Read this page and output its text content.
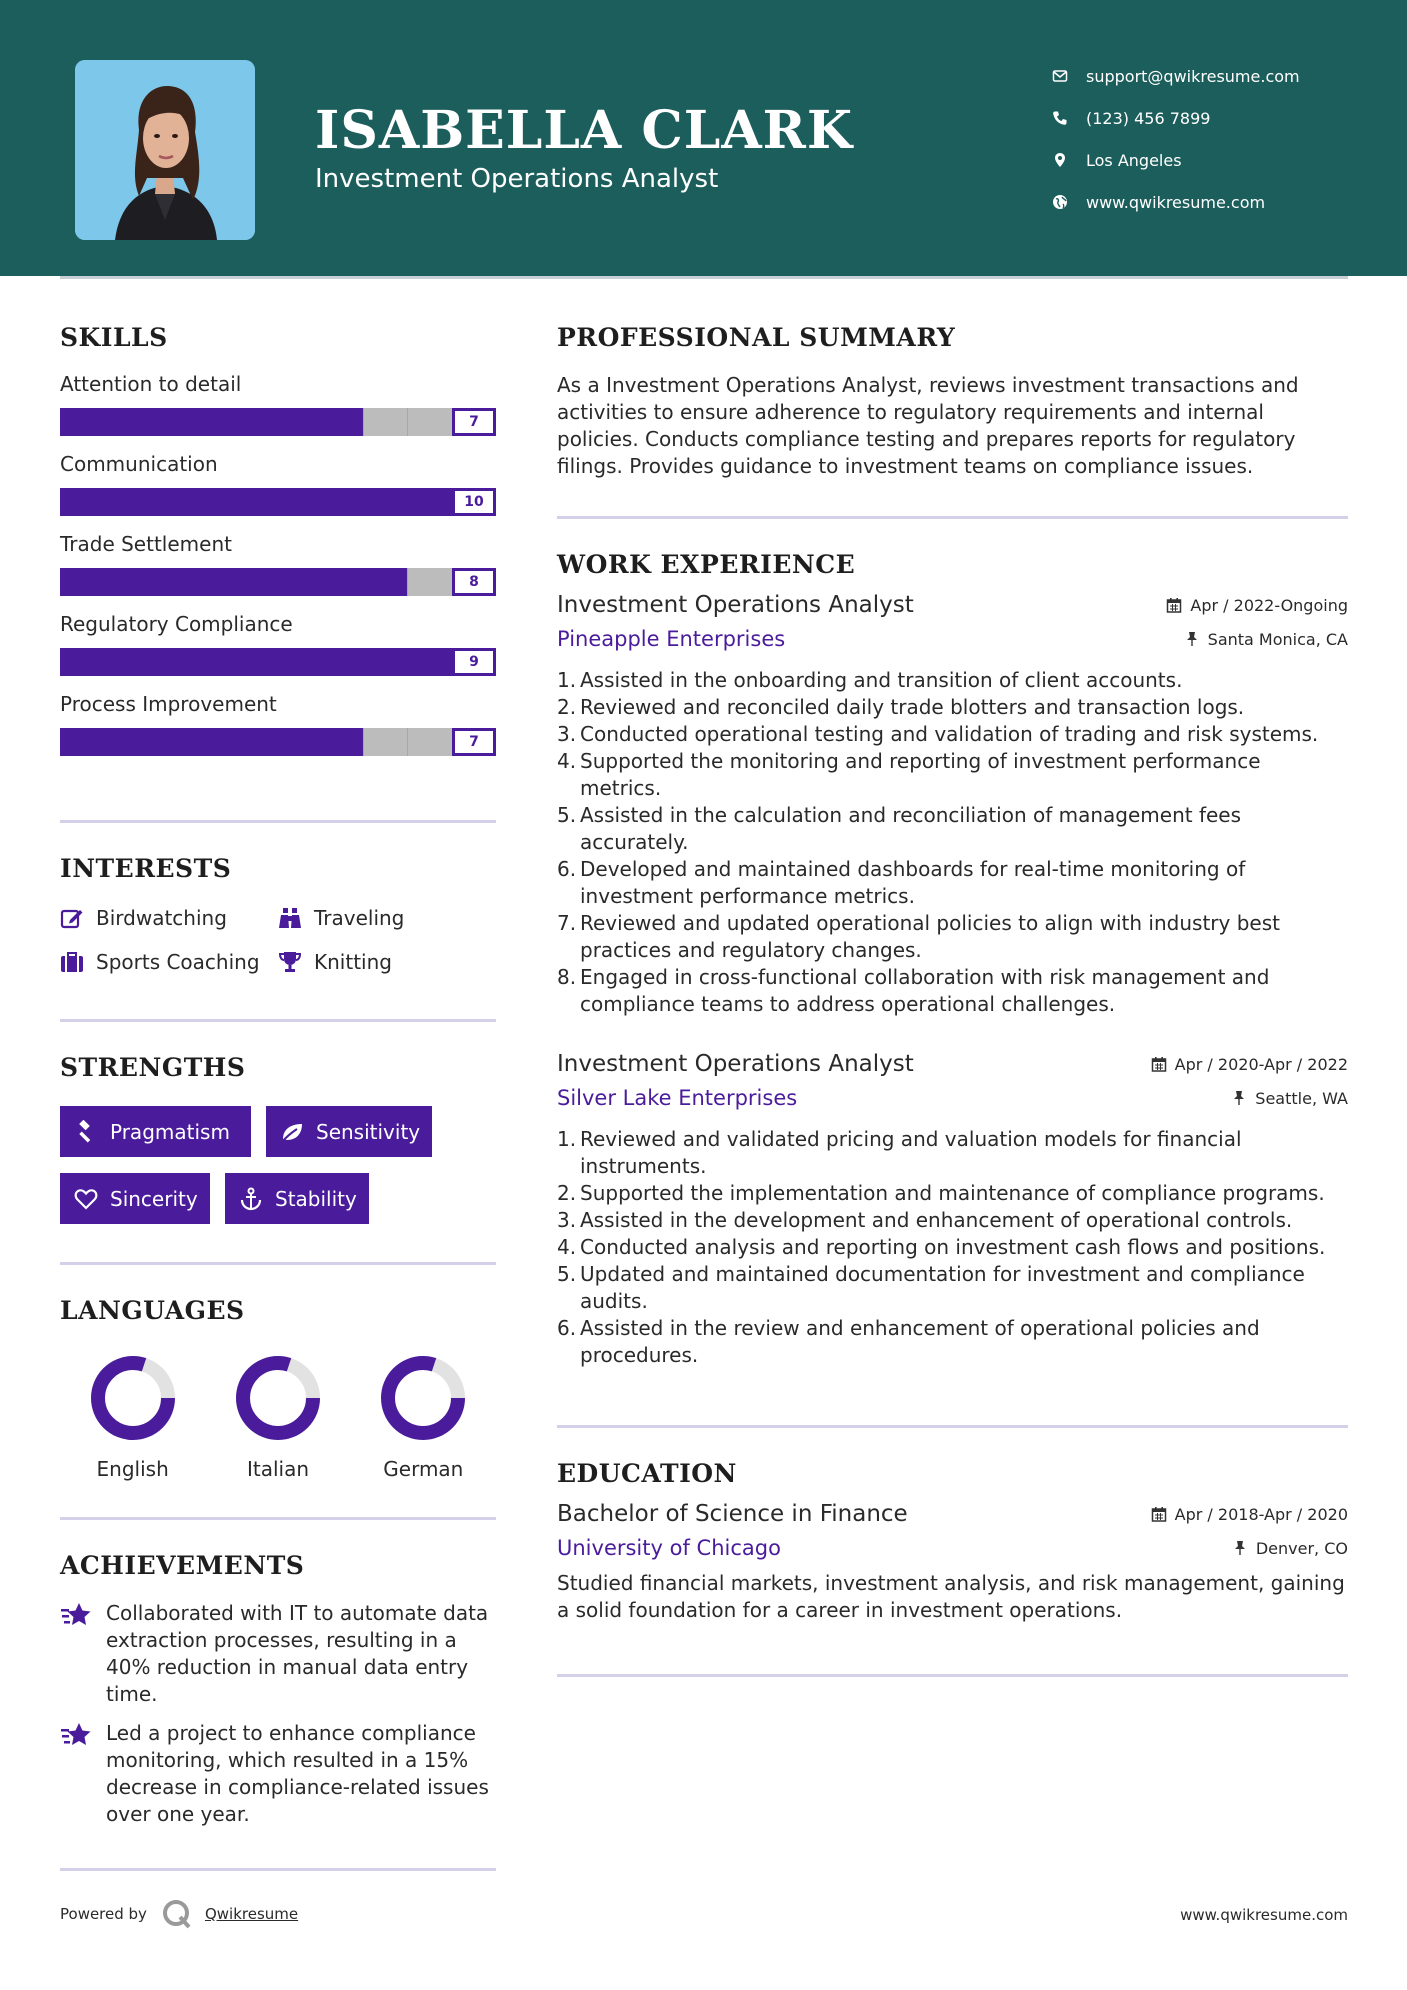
ISABELLA CLARK
Investment Operations Analyst
support@qwikresume.com
(123) 456 7899
Los Angeles
www.qwikresume.com
SKILLS
Attention to detail
7
Communication
10
Trade Settlement
8
Regulatory Compliance
9
Process Improvement
7
INTERESTS
Birdwatching	Traveling
Sports Coaching	Knitting
STRENGTHS
Pragmatism	Sensitivity
Sincerity	Stability
LANGUAGES
English	Italian	German
ACHIEVEMENTS
Collaborated with IT to automate data extraction processes, resulting in a 40% reduction in manual data entry time.
Led a project to enhance compliance monitoring, which resulted in a 15% decrease in compliance-related issues over one year.
PROFESSIONAL SUMMARY
As a Investment Operations Analyst, reviews investment transactions and activities to ensure adherence to regulatory requirements and internal policies. Conducts compliance testing and prepares reports for regulatory filings. Provides guidance to investment teams on compliance issues.
WORK EXPERIENCE
Investment Operations Analyst	Apr / 2022-Ongoing
Pineapple Enterprises	Santa Monica, CA
1 . Assisted in the onboarding and transition of client accounts.
2 . Reviewed and reconciled daily trade blotters and transaction logs.
3 . Conducted operational testing and validation of trading and risk systems.
4 . Supported the monitoring and reporting of investment performance metrics.
5 . Assisted in the calculation and reconciliation of management fees accurately.
6 . Developed and maintained dashboards for real-time monitoring of investment performance metrics.
7 . Reviewed and updated operational policies to align with industry best practices and regulatory changes.
8 . Engaged in cross-functional collaboration with risk management and compliance teams to address operational challenges.
Investment Operations Analyst	Apr / 2020-Apr / 2022
Silver Lake Enterprises	Seattle, WA
1 . Reviewed and validated pricing and valuation models for financial instruments.
2 . Supported the implementation and maintenance of compliance programs.
3 . Assisted in the development and enhancement of operational controls.
4 . Conducted analysis and reporting on investment cash flows and positions.
5 . Updated and maintained documentation for investment and compliance audits.
6 . Assisted in the review and enhancement of operational policies and procedures.
EDUCATION
Bachelor of Science in Finance	Apr / 2018-Apr / 2020
University of Chicago	Denver, CO
Studied financial markets, investment analysis, and risk management, gaining a solid foundation for a career in investment operations.
Powered by	Qwikresume	www.qwikresume.com
